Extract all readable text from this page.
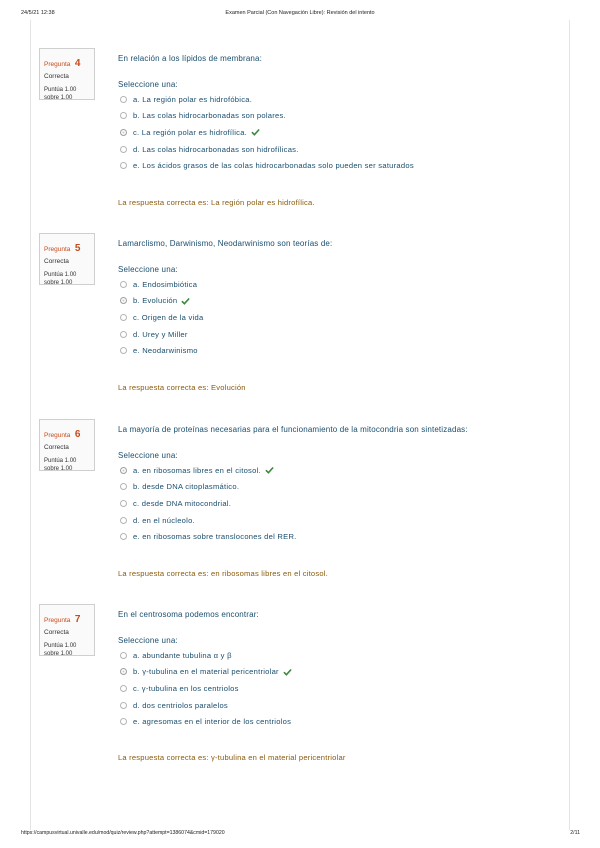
24/5/21 12:38	Examen Parcial (Con Navegación Libre): Revisión del intento
Pregunta 4
Correcta
Puntúa 1.00
sobre 1.00
En relación a los lípidos de membrana:
Seleccione una:
a. La región polar es hidrofóbica.
b. Las colas hidrocarbonadas son polares.
c. La región polar es hidrofílica.
d. Las colas hidrocarbonadas son hidrofílicas.
e. Los ácidos grasos de las colas hidrocarbonadas solo pueden ser saturados
La respuesta correcta es: La región polar es hidrofílica.
Pregunta 5
Correcta
Puntúa 1.00
sobre 1.00
Lamarclismo, Darwinismo, Neodarwinismo son teorías de:
Seleccione una:
a. Endosimbiótica
b. Evolución
c. Origen de la vida
d. Urey y Miller
e. Neodarwinismo
La respuesta correcta es: Evolución
Pregunta 6
Correcta
Puntúa 1.00
sobre 1.00
La mayoría de proteínas necesarias para el funcionamiento de la mitocondria son sintetizadas:
Seleccione una:
a. en ribosomas libres en el citosol.
b. desde DNA citoplasmático.
c. desde DNA mitocondrial.
d. en el núcleolo.
e. en ribosomas sobre translocones del RER.
La respuesta correcta es: en ribosomas libres en el citosol.
Pregunta 7
Correcta
Puntúa 1.00
sobre 1.00
En el centrosoma podemos encontrar:
Seleccione una:
a. abundante tubulina α y β
b. γ-tubulina en el material pericentriolar
c. γ-tubulina en los centriolos
d. dos centriolos paralelos
e. agresomas en el interior de los centriolos
La respuesta correcta es: γ-tubulina en el material pericentriolar
https://campusvirtual.univalle.edu/mod/quiz/review.php?attempt=1386074&cmid=179020	2/11
